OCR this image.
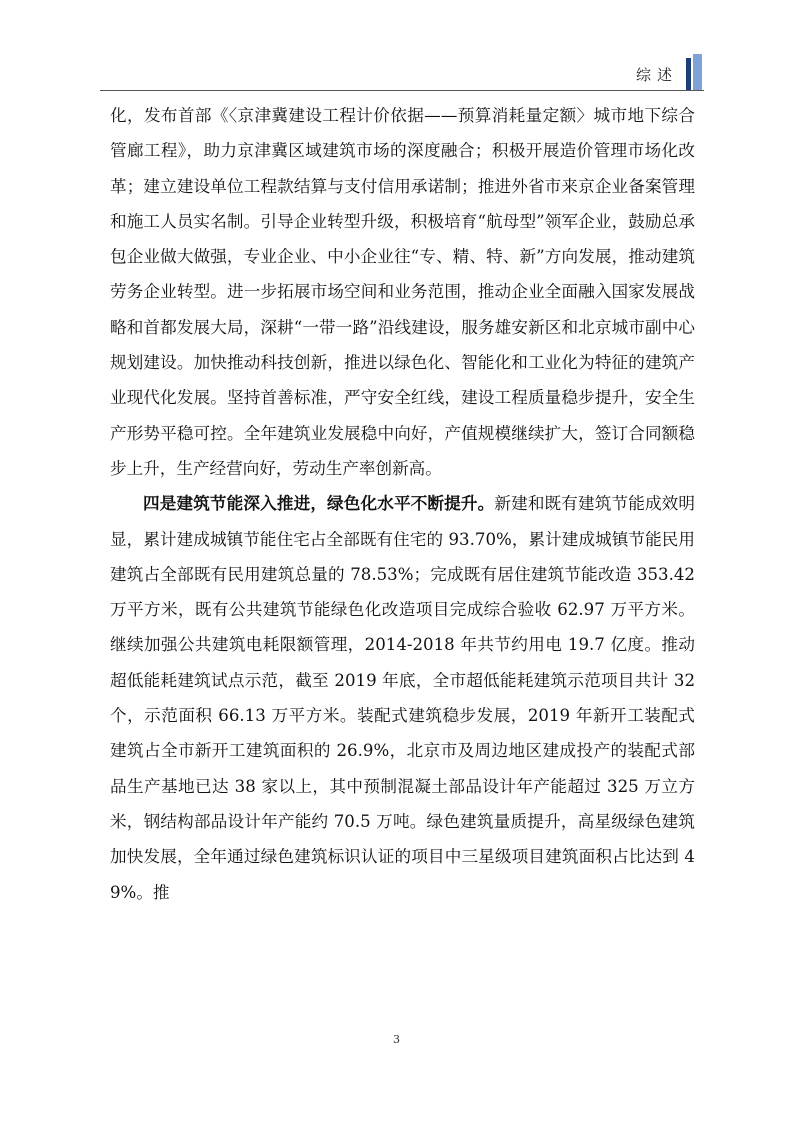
综述

化，发布首部《〈京津冀建设工程计价依据——预算消耗量定额〉城市地下综合管廊工程》，助力京津冀区域建筑市场的深度融合；积极开展造价管理市场化改革；建立建设单位工程款结算与支付信用承诺制；推进外省市来京企业备案管理和施工人员实名制。引导企业转型升级，积极培育“航母型”领军企业，鼓励总承包企业做大做强，专业企业、中小企业往“专、精、特、新”方向发展，推动建筑劳务企业转型。进一步拓展市场空间和业务范围，推动企业全面融入国家发展战略和首都发展大局，深耕“一带一路”沿线建设，服务雄安新区和北京城市副中心规划建设。加快推动科技创新，推进以绿色化、智能化和工业化为特征的建筑产业现代化发展。坚持首善标准，严守安全红线，建设工程质量稳步提升，安全生产形势平稳可控。全年建筑业发展稳中向好，产值规模继续扩大，签订合同额稳步上升，生产经营向好，劳动生产率创新高。

四是建筑节能深入推进，绿色化水平不断提升。新建和既有建筑节能成效明显，累计建成城镇节能住宅占全部既有住宅的 93.70%，累计建成城镇节能民用建筑占全部既有民用建筑总量的 78.53%；完成既有居住建筑节能改造 353.42 万平方米，既有公共建筑节能绿色化改造项目完成综合验收 62.97 万平方米。继续加强公共建筑电耗限额管理，2014-2018 年共节约用电 19.7 亿度。推动超低能耗建筑试点示范，截至 2019 年底，全市超低能耗建筑示范项目共计 32 个，示范面积 66.13 万平方米。装配式建筑稳步发展，2019 年新开工装配式建筑占全市新开工建筑面积的 26.9%，北京市及周边地区建成投产的装配式部品生产基地已达 38 家以上，其中预制混凝土部品设计年产能超过 325 万立方米，钢结构部品设计年产能约 70.5 万吨。绿色建筑量质提升，高星级绿色建筑加快发展，全年通过绿色建筑标识认证的项目中三星级项目建筑面积占比达到 49%。推

3
